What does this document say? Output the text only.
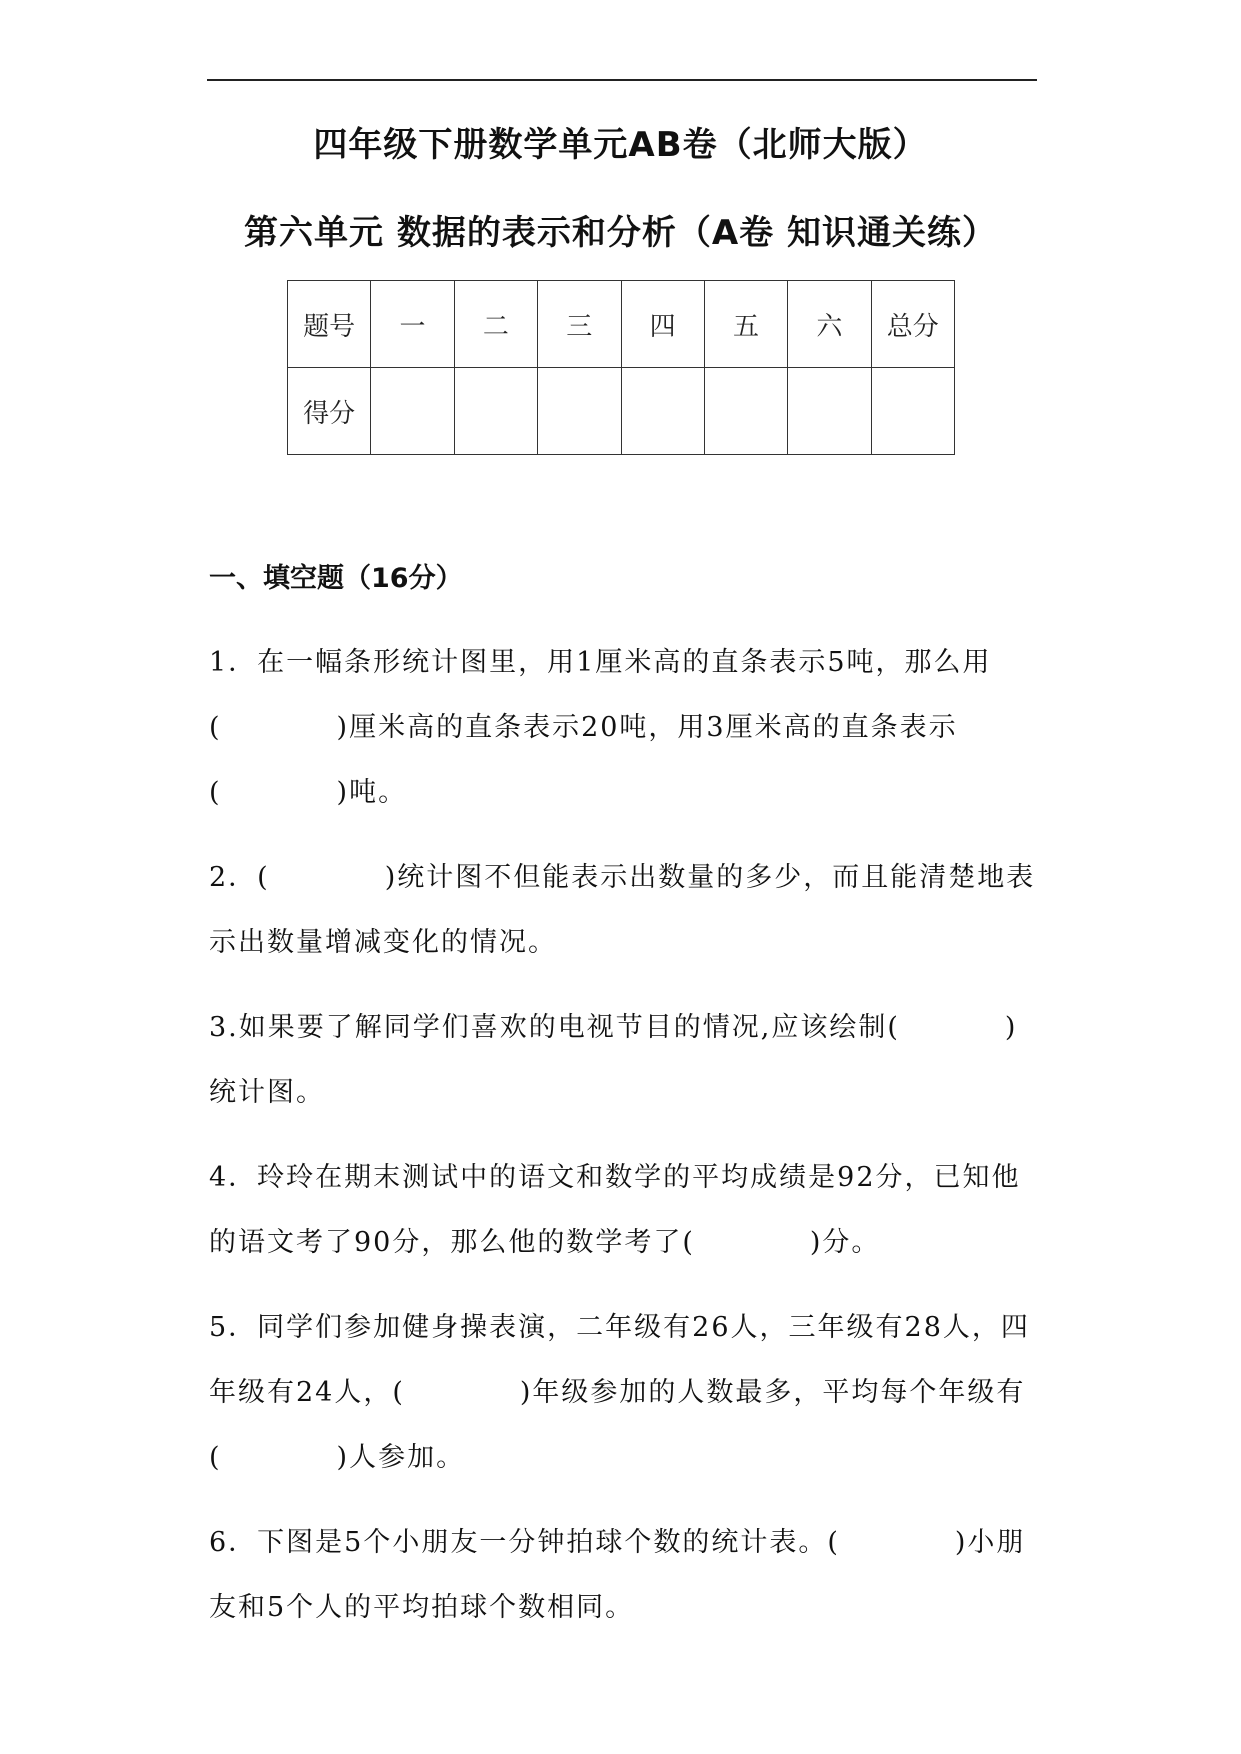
四年级下册数学单元AB卷（北师大版）
第六单元 数据的表示和分析（A卷 知识通关练）
题号	一	二	三	四	五	六	总分
得分							
一、填空题（16分）
1．在一幅条形统计图里，用1厘米高的直条表示5吨，那么用
(	)厘米高的直条表示20吨，用3厘米高的直条表示
(	)吨。
2．(	)统计图不但能表示出数量的多少，而且能清楚地表
示出数量增减变化的情况。
3.如果要了解同学们喜欢的电视节目的情况,应该绘制(	)
统计图。
4．玲玲在期末测试中的语文和数学的平均成绩是92分，已知他
的语文考了90分，那么他的数学考了(	)分。
5．同学们参加健身操表演，二年级有26人，三年级有28人，四
年级有24人，(	)年级参加的人数最多，平均每个年级有
(	)人参加。
6．下图是5个小朋友一分钟拍球个数的统计表。(	)小朋
友和5个人的平均拍球个数相同。
